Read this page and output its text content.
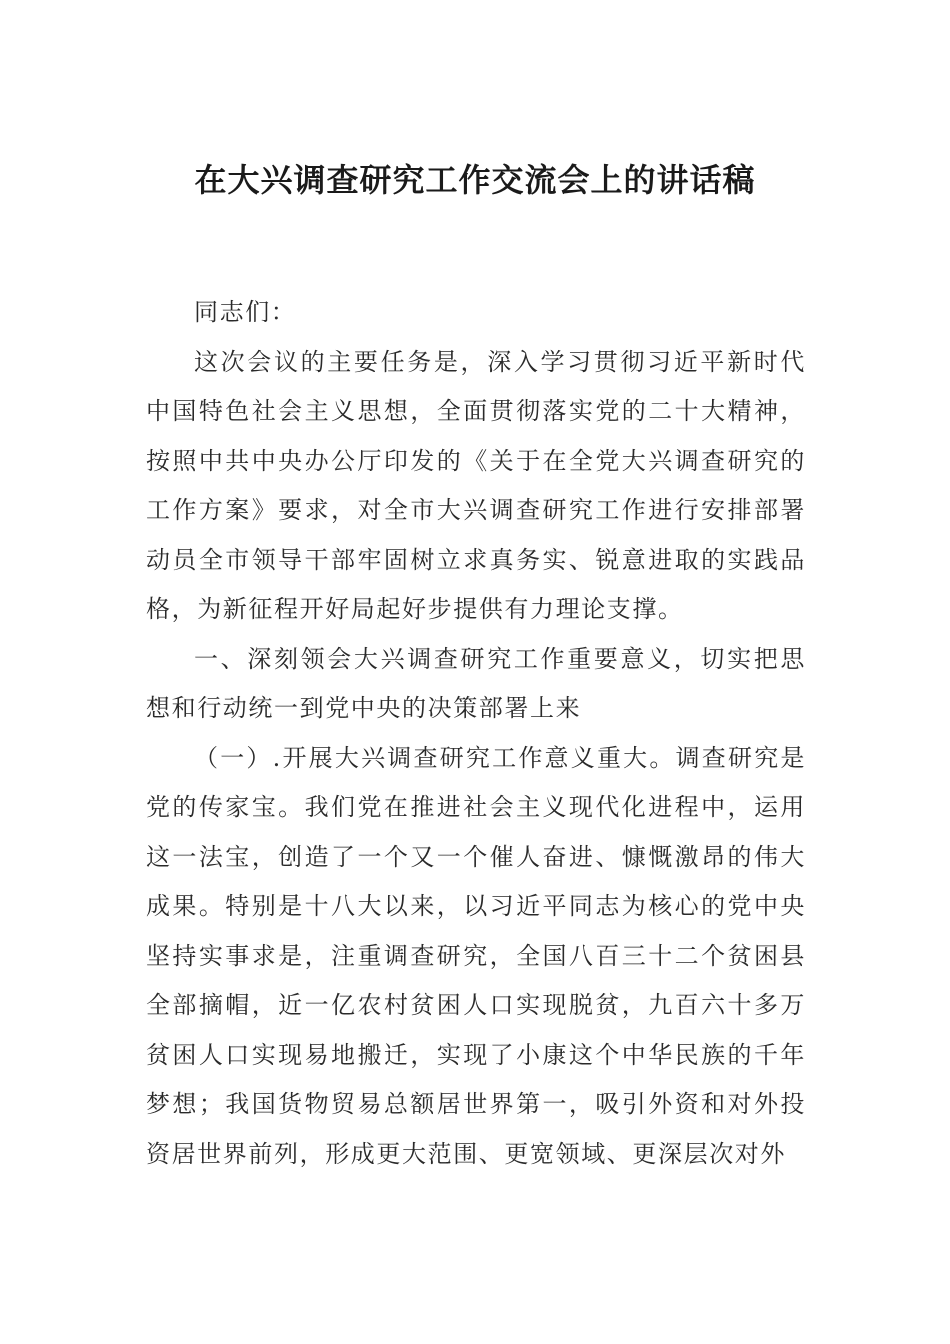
在大兴调查研究工作交流会上的讲话稿

同志们：

这次会议的主要任务是，深入学习贯彻习近平新时代中国特色社会主义思想，全面贯彻落实党的二十大精神，按照中共中央办公厅印发的《关于在全党大兴调查研究的工作方案》要求，对全市大兴调查研究工作进行安排部署动员全市领导干部牢固树立求真务实、锐意进取的实践品格，为新征程开好局起好步提供有力理论支撑。

一、深刻领会大兴调查研究工作重要意义，切实把思想和行动统一到党中央的决策部署上来

（一）.开展大兴调查研究工作意义重大。调查研究是党的传家宝。我们党在推进社会主义现代化进程中，运用这一法宝，创造了一个又一个催人奋进、慷慨激昂的伟大成果。特别是十八大以来，以习近平同志为核心的党中央坚持实事求是，注重调查研究，全国八百三十二个贫困县全部摘帽，近一亿农村贫困人口实现脱贫，九百六十多万贫困人口实现易地搬迁，实现了小康这个中华民族的千年梦想；我国货物贸易总额居世界第一，吸引外资和对外投资居世界前列，形成更大范围、更宽领域、更深层次对外
